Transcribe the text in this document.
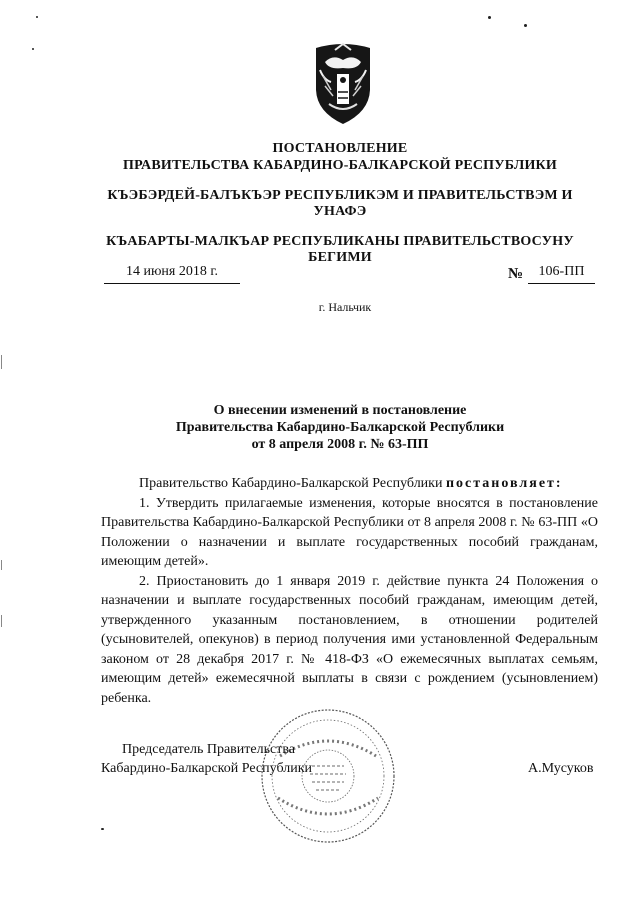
ПОСТАНОВЛЕНИЕ
ПРАВИТЕЛЬСТВА КАБАРДИНО-БАЛКАРСКОЙ РЕСПУБЛИКИ
КЪЭБЭРДЕЙ-БАЛЪКЪЭР РЕСПУБЛИКЭМ И ПРАВИТЕЛЬСТВЭМ И
УНАФЭ
КЪАБАРТЫ-МАЛКЪАР РЕСПУБЛИКАНЫ ПРАВИТЕЛЬСТВОСУНУ
БЕГИМИ
14 июня 2018 г.	№	106-ПП
г. Нальчик
О внесении изменений в постановление
Правительства Кабардино-Балкарской Республики
от 8 апреля 2008 г. № 63-ПП

Правительство Кабардино-Балкарской Республики постановляет:

1. Утвердить прилагаемые изменения, которые вносятся в постановление Правительства Кабардино-Балкарской Республики от 8 апреля 2008 г. № 63-ПП «О Положении о назначении и выплате государственных пособий гражданам, имеющим детей».

2. Приостановить до 1 января 2019 г. действие пункта 24 Положения о назначении и выплате государственных пособий гражданам, имеющим детей, утвержденного указанным постановлением, в отношении родителей (усыновителей, опекунов) в период получения ими установленной Федеральным законом от 28 декабря 2017 г. № 418-ФЗ «О ежемесячных выплатах семьям, имеющим детей» ежемесячной выплаты в связи с рождением (усыновлением) ребенка.

Председатель Правительства
Кабардино-Балкарской Республики	А.Мусуков
